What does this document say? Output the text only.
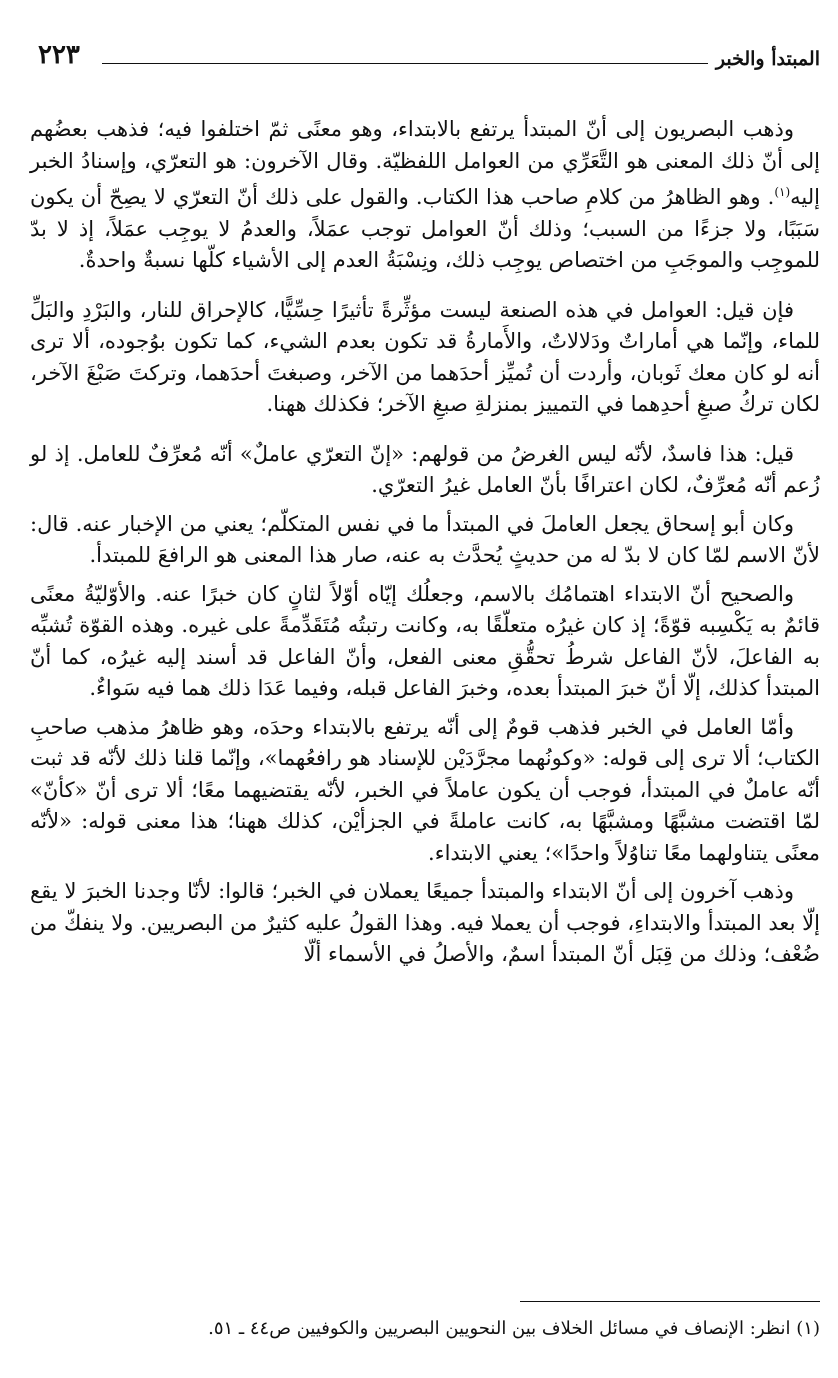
المبتدأ والخبر
٢٢٣

وذهب البصريون إلى أنّ المبتدأ يرتفع بالابتداء، وهو معنًى ثمّ اختلفوا فيه؛ فذهب بعضُهم إلى أنّ ذلك المعنى هو التَّعَرِّي من العوامل اللفظيّة. وقال الآخرون: هو التعرّي، وإسنادُ الخبر إليه$^{(١)}$. وهو الظاهرُ من كلامِ صاحب هذا الكتاب. والقول على ذلك أنّ التعرّي لا يصِحّ أن يكون سَبَبًا، ولا جزءًا من السبب؛ وذلك أنّ العوامل توجب عمَلاً، والعدمُ لا يوجِب عمَلاً، إذ لا بدّ للموجِب والموجَبِ من اختصاص يوجِب ذلك، ونِسْبَةُ العدم إلى الأشياء كلّها نسبةٌ واحدةٌ.

فإن قيل: العوامل في هذه الصنعة ليست مؤثِّرةً تأثيرًا حِسِّيًّا، كالإحراق للنار، والبَرْدِ والبَلِّ للماء، وإنّما هي أماراتٌ ودَلالاتٌ، والأَمارةُ قد تكون بعدم الشيء، كما تكون بوُجوده، ألا ترى أنه لو كان معك ثَوبان، وأردت أن تُميِّز أحدَهما من الآخر، وصبغتَ أحدَهما، وتركتَ صَبْغَ الآخر، لكان تركُ صبغِ أحدِهما في التمييز بمنزلةِ صبغِ الآخر؛ فكذلك ههنا.

قيل: هذا فاسدٌ، لأنّه ليس الغرضُ من قولهم: «إنّ التعرّي عاملٌ» أنّه مُعرِّفٌ للعامل. إذ لو زُعم أنّه مُعرِّفٌ، لكان اعترافًا بأنّ العامل غيرُ التعرّي.

وكان أبو إسحاق يجعل العاملَ في المبتدأ ما في نفس المتكلّم؛ يعني من الإخبار عنه. قال: لأنّ الاسم لمّا كان لا بدّ له من حديثٍ يُحدَّث به عنه، صار هذا المعنى هو الرافعَ للمبتدأ.

والصحيح أنّ الابتداء اهتمامُك بالاسم، وجعلُك إيّاه أوّلاً لثانٍ كان خبرًا عنه. والأوّليّةُ معنًى قائمٌ به يَكْسِبه قوّةً؛ إذ كان غيرُه متعلّقًا به، وكانت رتبتُه مُتَقَدِّمةً على غيره. وهذه القوّة تُشبِّه به الفاعلَ، لأنّ الفاعل شرطُ تحقُّقِ معنى الفعل، وأنّ الفاعل قد أسند إليه غيرُه، كما أنّ المبتدأ كذلك، إلّا أنّ خبرَ المبتدأ بعده، وخبرَ الفاعل قبله، وفيما عَدَا ذلك هما فيه سَواءٌ.

وأمّا العامل في الخبر فذهب قومٌ إلى أنّه يرتفع بالابتداء وحدَه، وهو ظاهرُ مذهب صاحبِ الكتاب؛ ألا ترى إلى قوله: «وكونُهما مجرَّدَيْن للإسناد هو رافعُهما»، وإنّما قلنا ذلك لأنّه قد ثبت أنّه عاملٌ في المبتدأ، فوجب أن يكون عاملاً في الخبر، لأنّه يقتضيهما معًا؛ ألا ترى أنّ «كأنّ» لمّا اقتضت مشبَّهًا ومشبَّهًا به، كانت عاملةً في الجزأيْن، كذلك ههنا؛ هذا معنى قوله: «لأنّه معنًى يتناولهما معًا تناوُلاً واحدًا»؛ يعني الابتداء.

وذهب آخرون إلى أنّ الابتداء والمبتدأ جميعًا يعملان في الخبر؛ قالوا: لأنّا وجدنا الخبرَ لا يقع إلّا بعد المبتدأ والابتداءِ، فوجب أن يعملا فيه. وهذا القولُ عليه كثيرٌ من البصريين. ولا ينفكّ من ضُعْف؛ وذلك من قِبَل أنّ المبتدأ اسمٌ، والأصلُ في الأسماء ألّا

(١) انظر: الإنصاف في مسائل الخلاف بين النحويين البصريين والكوفيين ص٤٤ ـ ٥١.
